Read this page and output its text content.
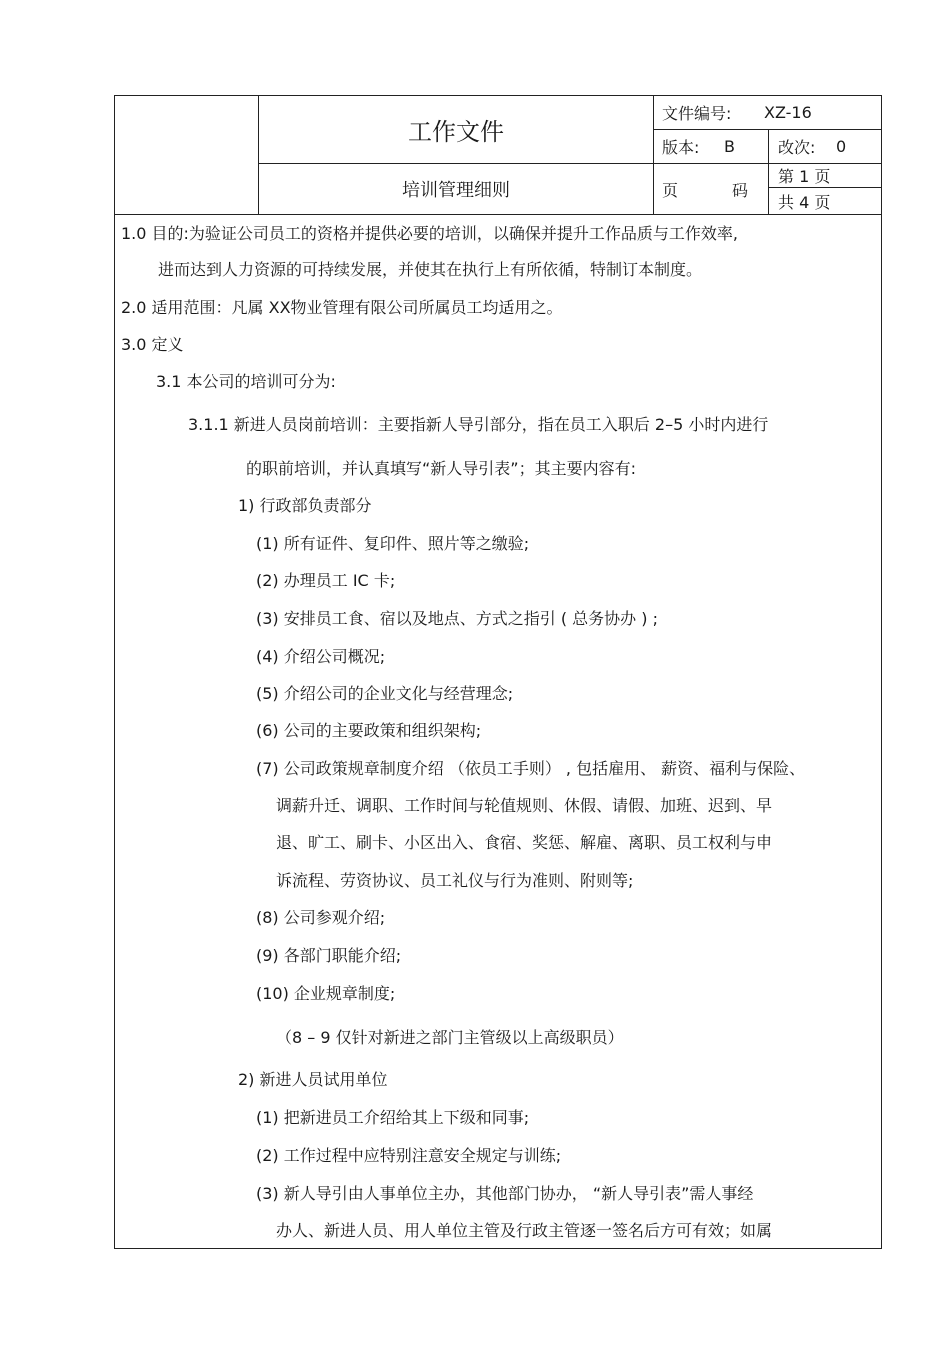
工作文件
培训管理细则
文件编号: XZ-16
版本: B	改次: 0
页	码
第 1 页
共 4 页
1.0 目的:为验证公司员工的资格并提供必要的培训，以确保并提升工作品质与工作效率,
进而达到人力资源的可持续发展，并使其在执行上有所依循，特制订本制度。
2.0 适用范围：凡属 XX物业管理有限公司所属员工均适用之。
3.0 定义
3.1 本公司的培训可分为:
3.1.1 新进人员岗前培训：主要指新人导引部分，指在员工入职后 2–5 小时内进行
的职前培训，并认真填写“新人导引表”；其主要内容有:
1) 行政部负责部分
(1) 所有证件、复印件、照片等之缴验;
(2) 办理员工 IC 卡;
(3) 安排员工食、宿以及地点、方式之指引 ( 总务协办 ) ;
(4) 介绍公司概况;
(5) 介绍公司的企业文化与经营理念;
(6) 公司的主要政策和组织架构;
(7) 公司政策规章制度介绍 （依员工手则） , 包括雇用、 薪资、福利与保险、
调薪升迁、调职、工作时间与轮值规则、休假、请假、加班、迟到、早
退、旷工、刷卡、小区出入、食宿、奖惩、解雇、离职、员工权利与申
诉流程、劳资协议、员工礼仪与行为准则、附则等;
(8) 公司参观介绍;
(9) 各部门职能介绍;
(10) 企业规章制度;
（8 – 9 仅针对新进之部门主管级以上高级职员）
2) 新进人员试用单位
(1) 把新进员工介绍给其上下级和同事;
(2) 工作过程中应特别注意安全规定与训练;
(3) 新人导引由人事单位主办，其他部门协办， “新人导引表”需人事经
办人、新进人员、用人单位主管及行政主管逐一签名后方可有效；如属
